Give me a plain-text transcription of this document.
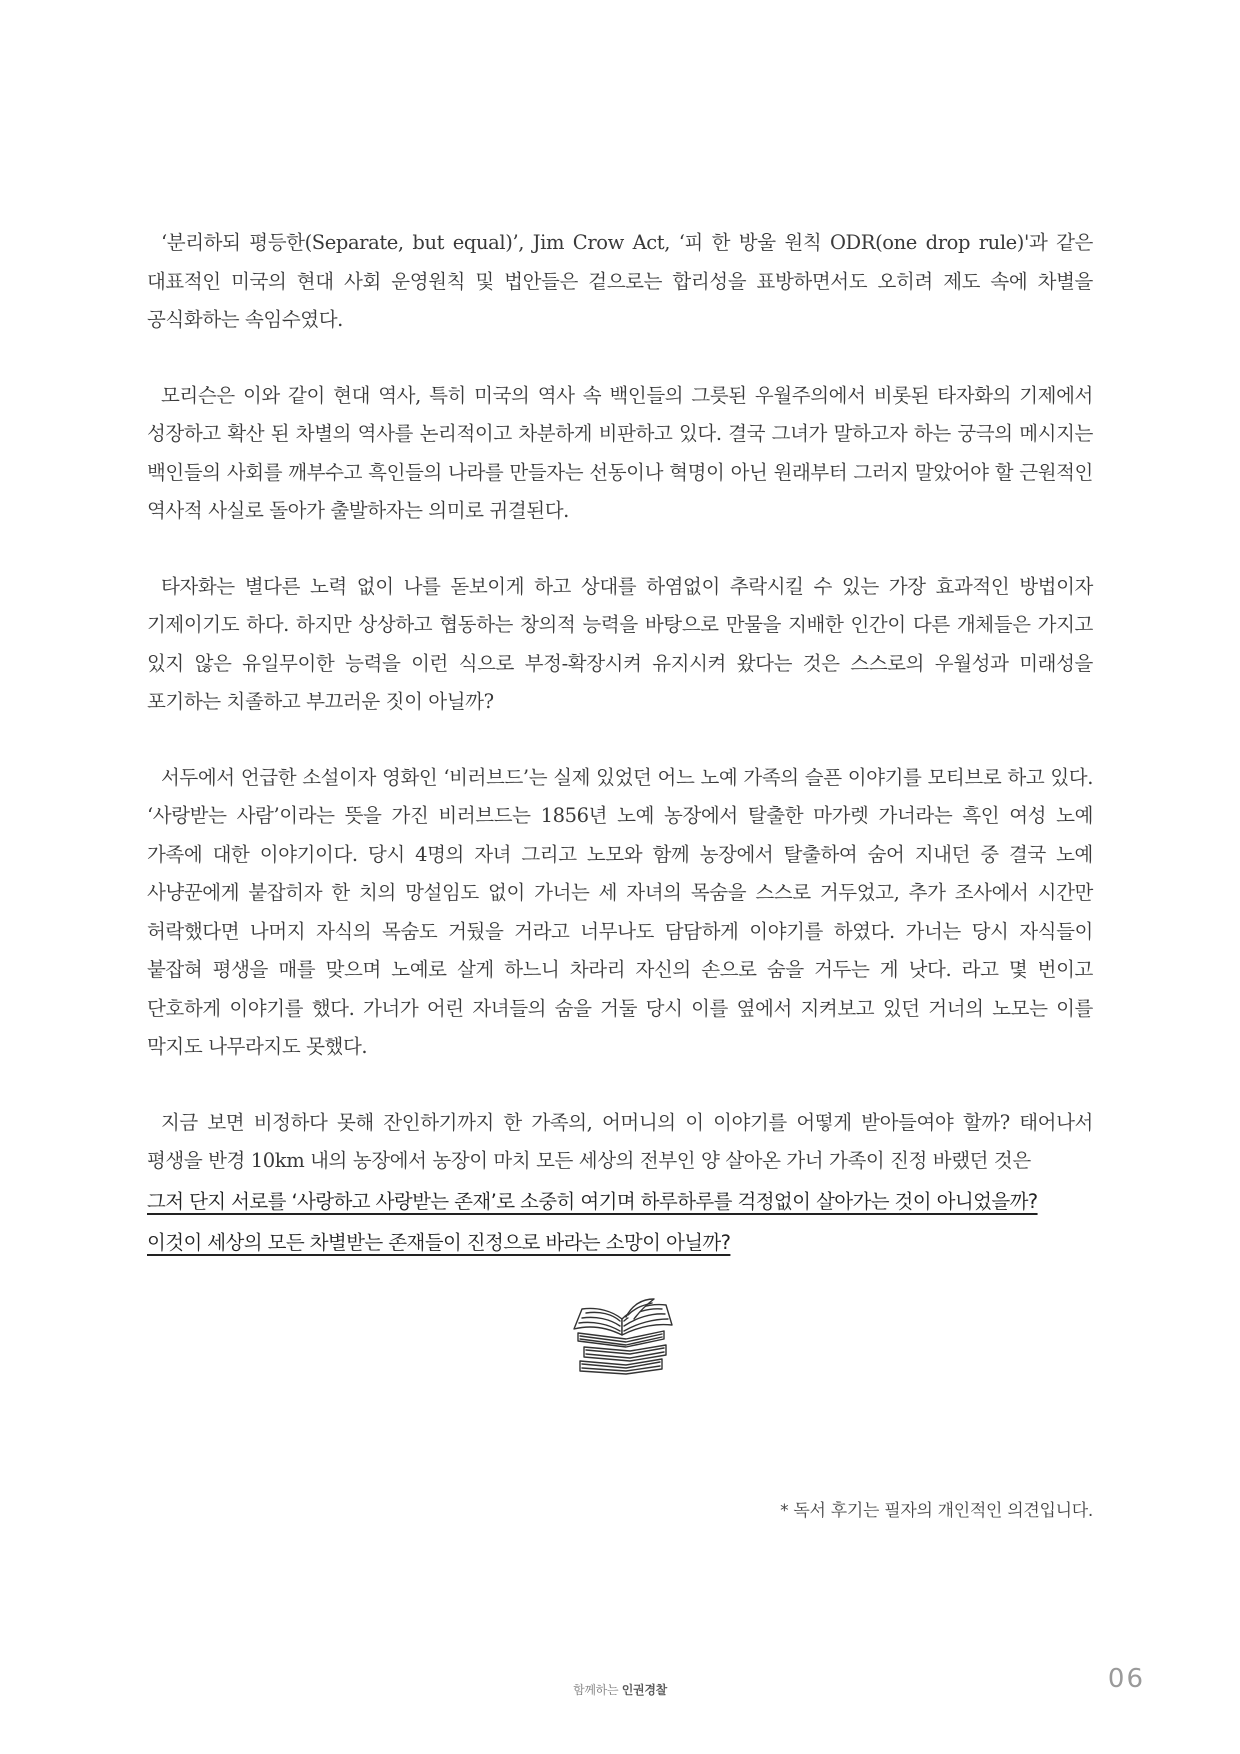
‘분리하되 평등한(Separate, but equal)’, Jim Crow Act, ‘피 한 방울 원칙 ODR(one drop rule)'과 같은 대표적인 미국의 현대 사회 운영원칙 및 법안들은 겉으로는 합리성을 표방하면서도 오히려 제도 속에 차별을 공식화하는 속임수였다.

모리슨은 이와 같이 현대 역사, 특히 미국의 역사 속 백인들의 그릇된 우월주의에서 비롯된 타자화의 기제에서 성장하고 확산 된 차별의 역사를 논리적이고 차분하게 비판하고 있다. 결국 그녀가 말하고자 하는 궁극의 메시지는 백인들의 사회를 깨부수고 흑인들의 나라를 만들자는 선동이나 혁명이 아닌 원래부터 그러지 말았어야 할 근원적인 역사적 사실로 돌아가 출발하자는 의미로 귀결된다.

타자화는 별다른 노력 없이 나를 돋보이게 하고 상대를 하염없이 추락시킬 수 있는 가장 효과적인 방법이자 기제이기도 하다. 하지만 상상하고 협동하는 창의적 능력을 바탕으로 만물을 지배한 인간이 다른 개체들은 가지고 있지 않은 유일무이한 능력을 이런 식으로 부정-확장시켜 유지시켜 왔다는 것은 스스로의 우월성과 미래성을 포기하는 치졸하고 부끄러운 짓이 아닐까?

서두에서 언급한 소설이자 영화인 ‘비러브드’는 실제 있었던 어느 노예 가족의 슬픈 이야기를 모티브로 하고 있다. ‘사랑받는 사람’이라는 뜻을 가진 비러브드는 1856년 노예 농장에서 탈출한 마가렛 가너라는 흑인 여성 노예 가족에 대한 이야기이다. 당시 4명의 자녀 그리고 노모와 함께 농장에서 탈출하여 숨어 지내던 중 결국 노예 사냥꾼에게 붙잡히자 한 치의 망설임도 없이 가너는 세 자녀의 목숨을 스스로 거두었고, 추가 조사에서 시간만 허락했다면 나머지 자식의 목숨도 거뒀을 거라고 너무나도 담담하게 이야기를 하였다. 가너는 당시 자식들이 붙잡혀 평생을 매를 맞으며 노예로 살게 하느니 차라리 자신의 손으로 숨을 거두는 게 낫다. 라고 몇 번이고 단호하게 이야기를 했다. 가너가 어린 자녀들의 숨을 거둘 당시 이를 옆에서 지켜보고 있던 거너의 노모는 이를 막지도 나무라지도 못했다.

지금 보면 비정하다 못해 잔인하기까지 한 가족의, 어머니의 이 이야기를 어떻게 받아들여야 할까? 태어나서 평생을 반경 10km 내의 농장에서 농장이 마치 모든 세상의 전부인 양 살아온 가너 가족이 진정 바랬던 것은
그저 단지 서로를 ‘사랑하고 사랑받는 존재’로 소중히 여기며 하루하루를 걱정없이 살아가는 것이 아니었을까?
이것이 세상의 모든 차별받는 존재들이 진정으로 바라는 소망이 아닐까?
* 독서 후기는 필자의 개인적인 의견입니다.
함께하는 인권경찰	06
